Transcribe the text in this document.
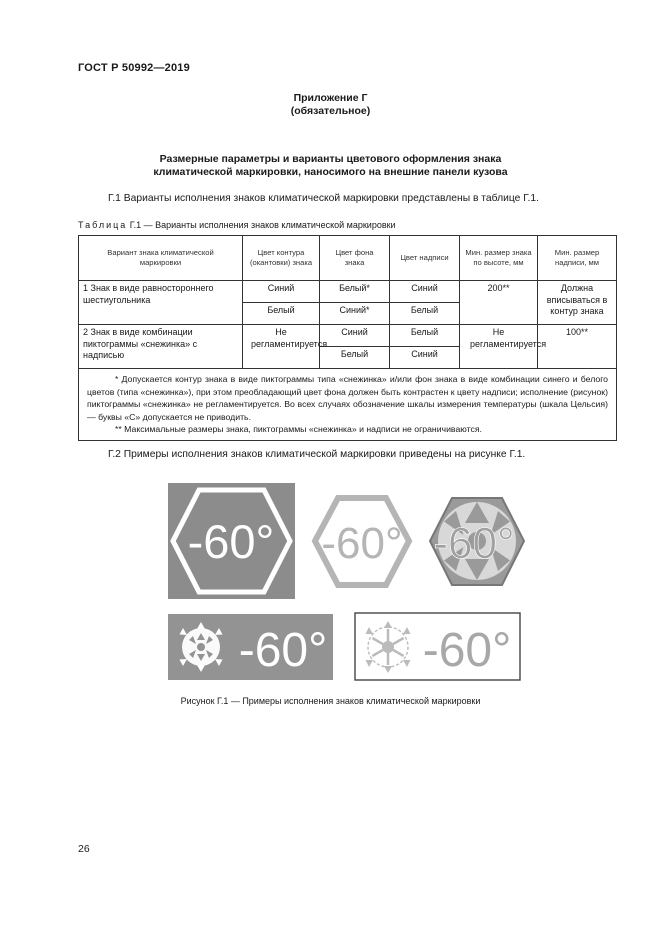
ГОСТ Р 50992—2019
Приложение Г
(обязательное)
Размерные параметры и варианты цветового оформления знака
климатической маркировки, наносимого на внешние панели кузова
Г.1 Варианты исполнения знаков климатической маркировки представлены в таблице Г.1.
Таблица Г.1 — Варианты исполнения знаков климатической маркировки
Вариант знака климатической маркировки	Цвет контура (окантовки) знака	Цвет фона знака	Цвет надписи	Мин. размер знака по высоте, мм	Мин. размер надписи, мм
1 Знак в виде равностороннего шестиугольника	Синий	Белый*	Синий	200**	Должна вписываться в контур знака
	Белый	Синий*	Белый		
2 Знак в виде комбинации пиктограммы «снежинка» с надписью	Не регламентируется	Синий	Белый	Не регламентируется	100**
		Белый	Синий		

* Допускается контур знака в виде пиктограммы типа «снежинка» и/или фон знака в виде комбинации синего и белого цветов (типа «снежинка»), при этом преобладающий цвет фона должен быть контрастен к цвету надписи; исполнение (рисунок) пиктограммы «снежинка» не регламентируется. Во всех случаях обозначение шкалы измерения температуры (шкала Цельсия) — буквы «С» допускается не приводить.

** Максимальные размеры знака, пиктограммы «снежинка» и надписи не ограничиваются.					

Г.2 Примеры исполнения знаков климатической маркировки приведены на рисунке Г.1.
-60° -60° -60°
-60° -60°
Рисунок Г.1 — Примеры исполнения знаков климатической маркировки
26
